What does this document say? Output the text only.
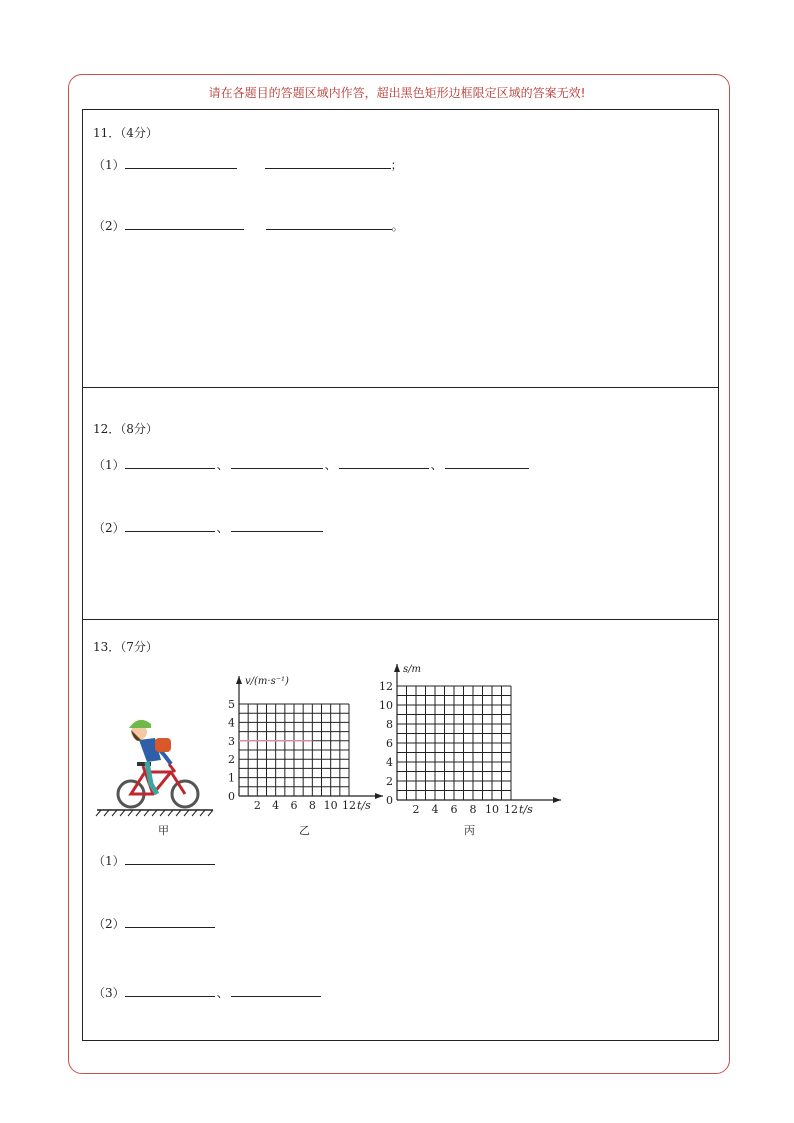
请在各题目的答题区域内作答，超出黑色矩形边框限定区域的答案无效!
11．（4分）
（1）	；
（2）	。
12．（8分）
（1）	、	、	、
（2）	、
13．（7分）
甲
0
1
2
3
4
5
2 4 6 8 10 12 t/s
v/(m·s⁻¹)
乙
0
2
4
6
8
10
12
2 4 6 8 10 12 t/s
s/m
丙
（1）
（2）
（3）	、
